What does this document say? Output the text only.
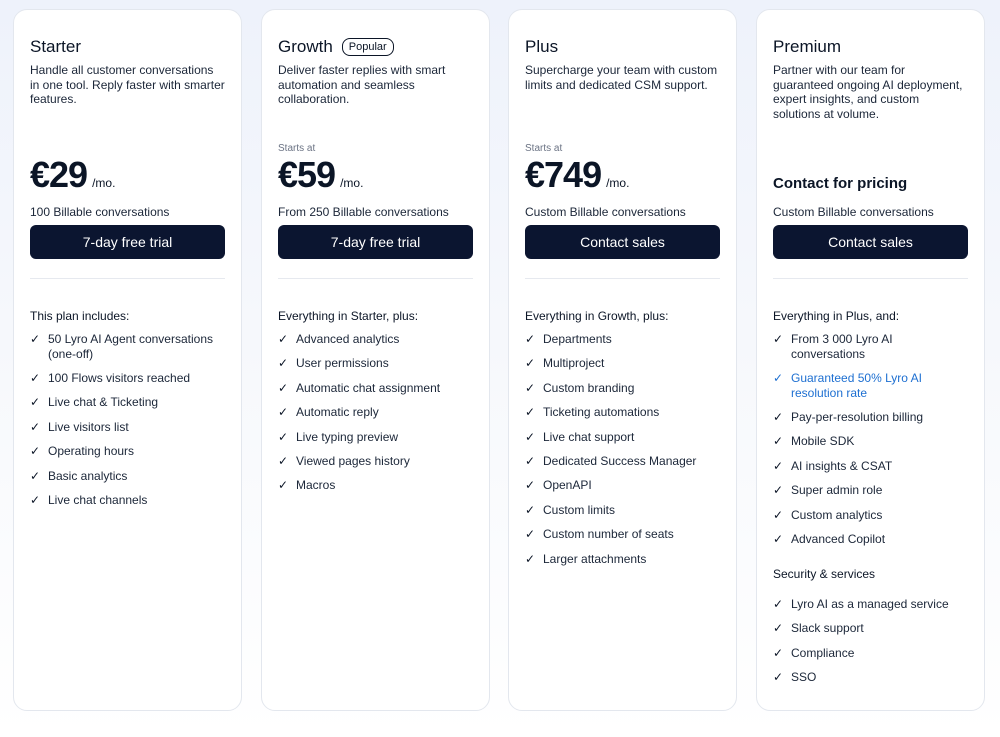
Starter
Handle all customer conversations in one tool. Reply faster with smarter features.
€29 /mo.
100 Billable conversations
7-day free trial
This plan includes:
✓ 50 Lyro AI Agent conversations (one-off)
✓ 100 Flows visitors reached
✓ Live chat & Ticketing
✓ Live visitors list
✓ Operating hours
✓ Basic analytics
✓ Live chat channels
Growth	Popular
Deliver faster replies with smart automation and seamless collaboration.
Starts at
€59 /mo.
From 250 Billable conversations
7-day free trial
Everything in Starter, plus:
✓ Advanced analytics
✓ User permissions
✓ Automatic chat assignment
✓ Automatic reply
✓ Live typing preview
✓ Viewed pages history
✓ Macros
Plus
Supercharge your team with custom limits and dedicated CSM support.
Starts at
€749 /mo.
Custom Billable conversations
Contact sales
Everything in Growth, plus:
✓ Departments
✓ Multiproject
✓ Custom branding
✓ Ticketing automations
✓ Live chat support
✓ Dedicated Success Manager
✓ OpenAPI
✓ Custom limits
✓ Custom number of seats
✓ Larger attachments
Premium
Partner with our team for guaranteed ongoing AI deployment, expert insights, and custom solutions at volume.
Contact for pricing
Custom Billable conversations
Contact sales
Everything in Plus, and:
✓ From 3 000 Lyro AI conversations
✓ Guaranteed 50% Lyro AI resolution rate
✓ Pay-per-resolution billing
✓ Mobile SDK
✓ AI insights & CSAT
✓ Super admin role
✓ Custom analytics
✓ Advanced Copilot
Security & services
✓ Lyro AI as a managed service
✓ Slack support
✓ Compliance
✓ SSO
